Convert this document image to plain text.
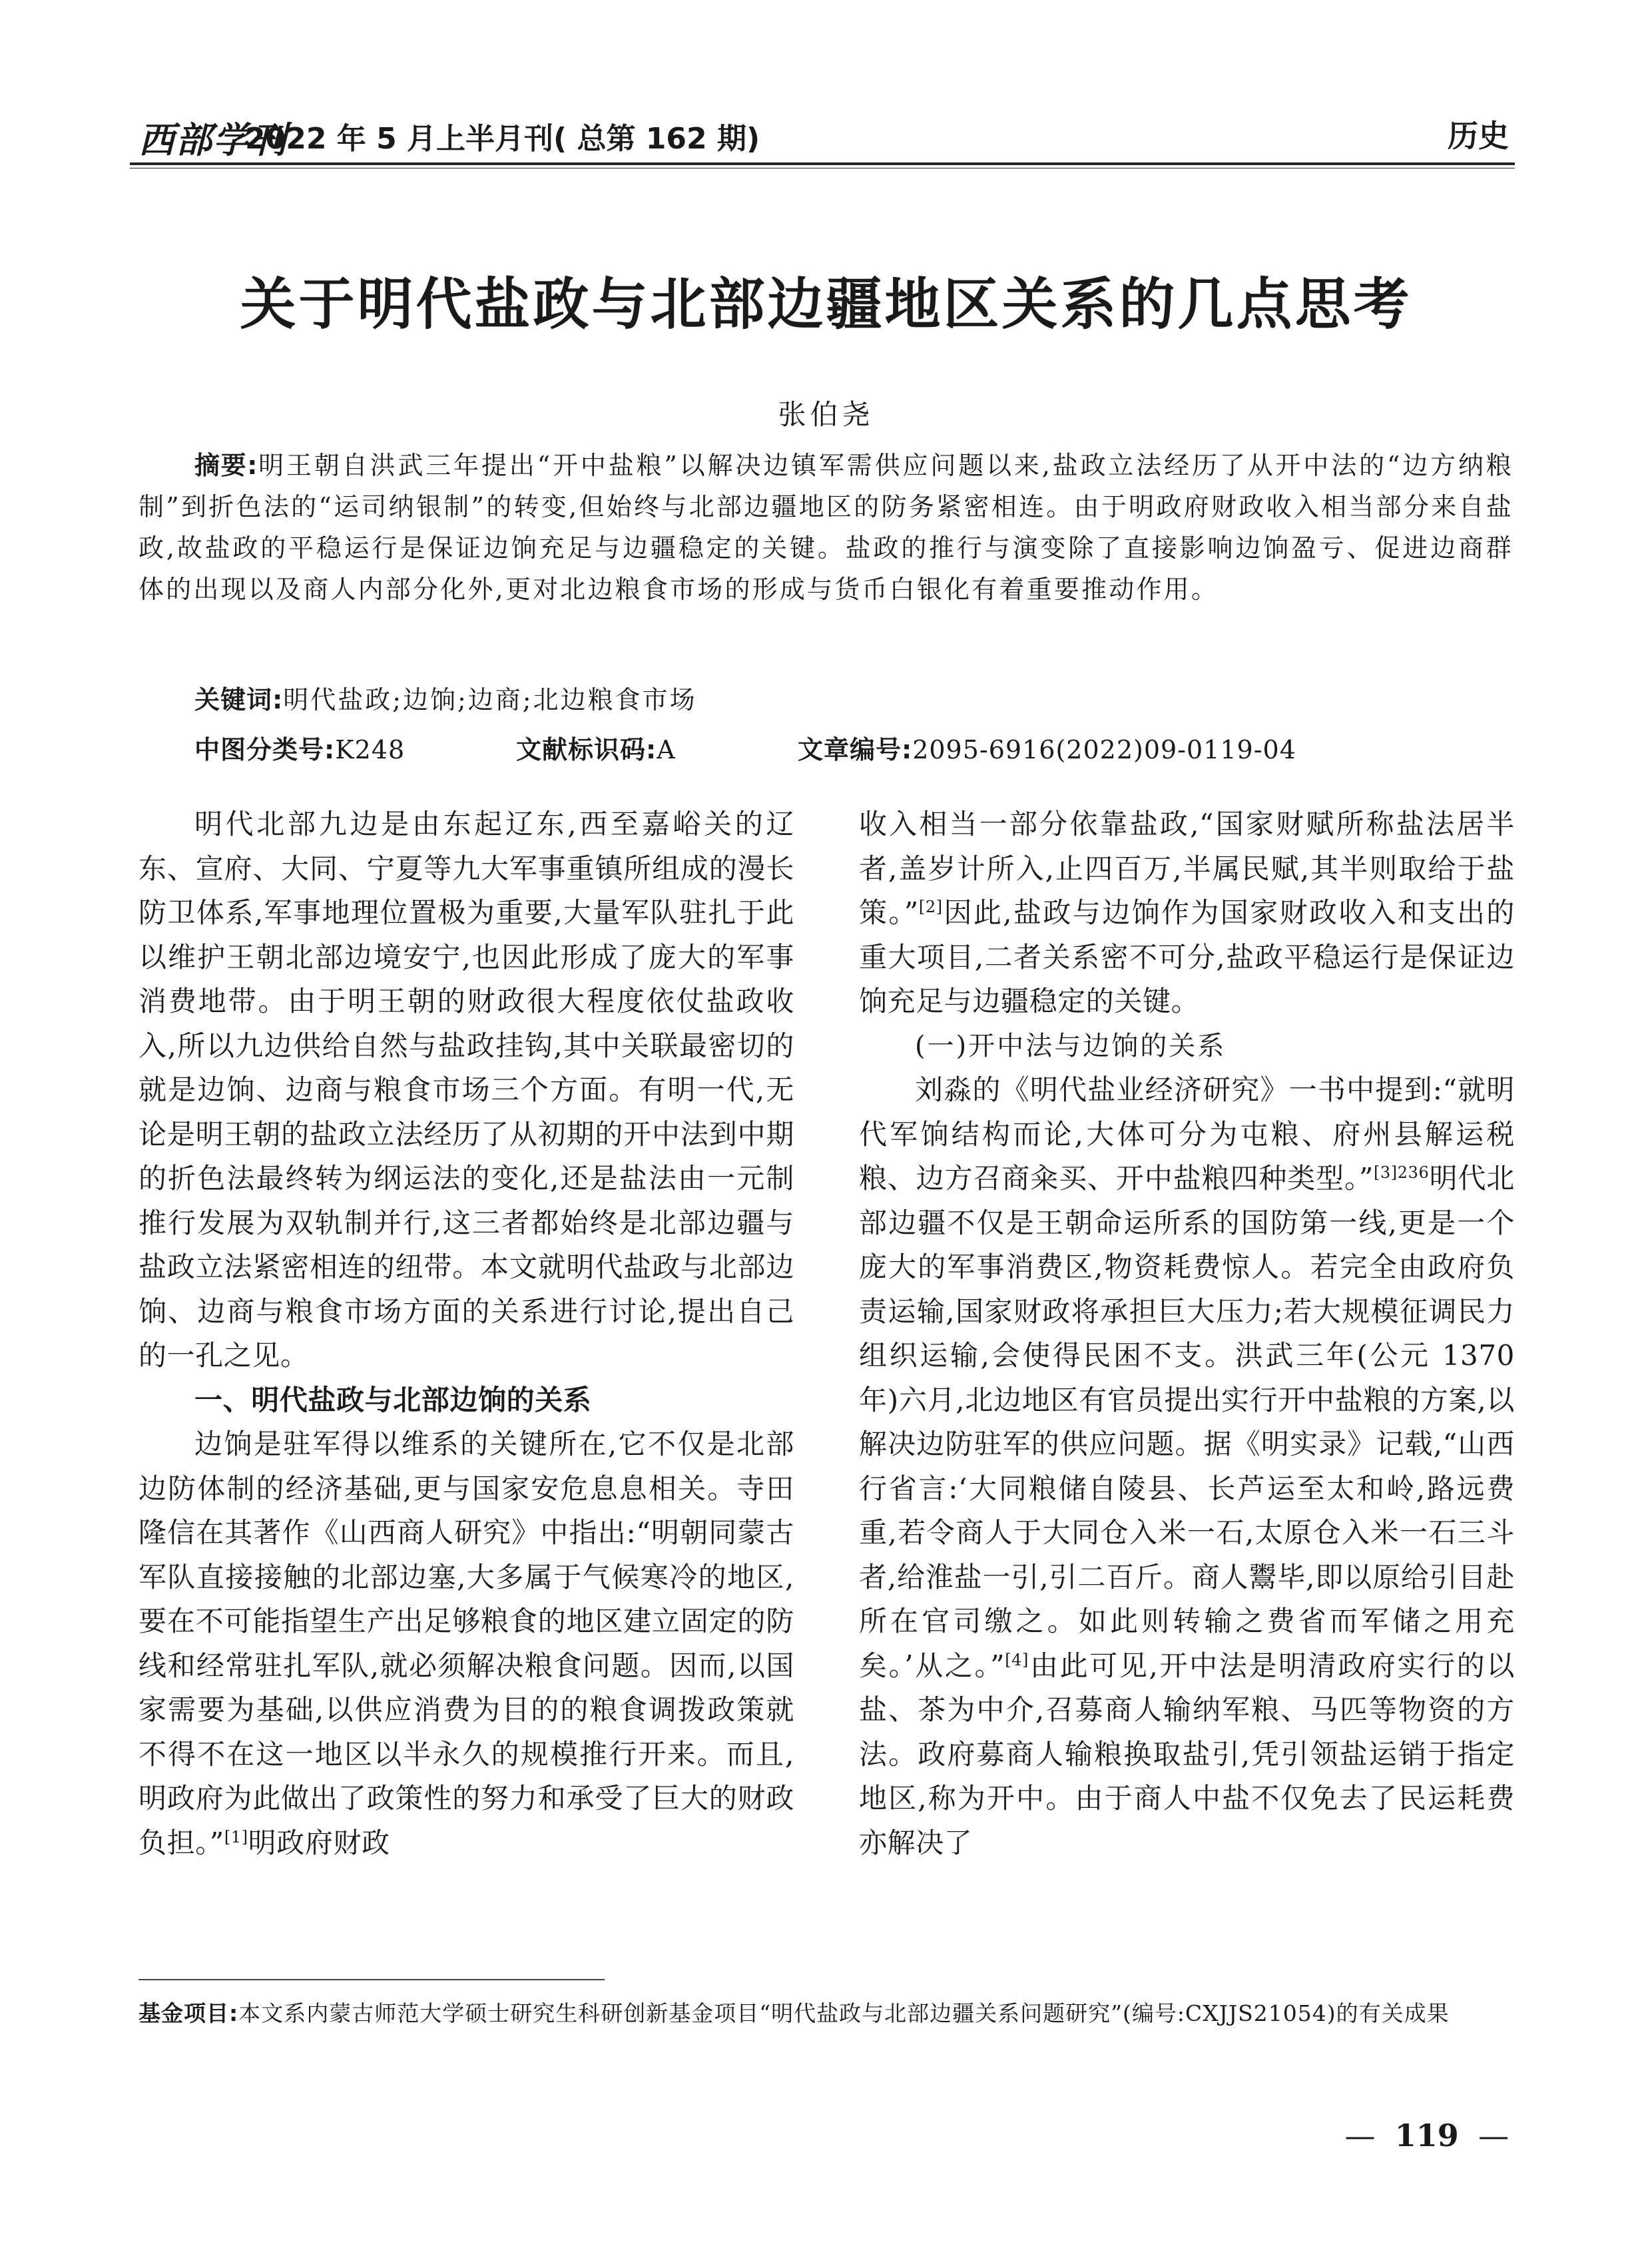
西部学刊
2022 年 5 月上半月刊( 总第 162 期)	历史
关于明代盐政与北部边疆地区关系的几点思考
张伯尧
摘要:明王朝自洪武三年提出“开中盐粮”以解决边镇军需供应问题以来,盐政立法经历了从开中法的“边方纳粮制”到折色法的“运司纳银制”的转变,但始终与北部边疆地区的防务紧密相连。由于明政府财政收入相当部分来自盐政,故盐政的平稳运行是保证边饷充足与边疆稳定的关键。盐政的推行与演变除了直接影响边饷盈亏、促进边商群体的出现以及商人内部分化外,更对北边粮食市场的形成与货币白银化有着重要推动作用。
关键词:明代盐政;边饷;边商;北边粮食市场
中图分类号:K248	文献标识码:A	文章编号:2095-6916(2022)09-0119-04

明代北部九边是由东起辽东,西至嘉峪关的辽东、宣府、大同、宁夏等九大军事重镇所组成的漫长防卫体系,军事地理位置极为重要,大量军队驻扎于此以维护王朝北部边境安宁,也因此形成了庞大的军事消费地带。由于明王朝的财政很大程度依仗盐政收入,所以九边供给自然与盐政挂钩,其中关联最密切的就是边饷、边商与粮食市场三个方面。有明一代,无论是明王朝的盐政立法经历了从初期的开中法到中期的折色法最终转为纲运法的变化,还是盐法由一元制推行发展为双轨制并行,这三者都始终是北部边疆与盐政立法紧密相连的纽带。本文就明代盐政与北部边饷、边商与粮食市场方面的关系进行讨论,提出自己的一孔之见。

一、明代盐政与北部边饷的关系

边饷是驻军得以维系的关键所在,它不仅是北部边防体制的经济基础,更与国家安危息息相关。寺田隆信在其著作《山西商人研究》中指出:“明朝同蒙古军队直接接触的北部边塞,大多属于气候寒冷的地区,要在不可能指望生产出足够粮食的地区建立固定的防线和经常驻扎军队,就必须解决粮食问题。因而,以国家需要为基础,以供应消费为目的的粮食调拨政策就不得不在这一地区以半永久的规模推行开来。而且,明政府为此做出了政策性的努力和承受了巨大的财政负担。”[1]明政府财政

收入相当一部分依靠盐政,“国家财赋所称盐法居半者,盖岁计所入,止四百万,半属民赋,其半则取给于盐策。”[2]因此,盐政与边饷作为国家财政收入和支出的重大项目,二者关系密不可分,盐政平稳运行是保证边饷充足与边疆稳定的关键。

(一)开中法与边饷的关系

刘淼的《明代盐业经济研究》一书中提到:“就明代军饷结构而论,大体可分为屯粮、府州县解运税粮、边方召商籴买、开中盐粮四种类型。”$^{[3]236}$明代北部边疆不仅是王朝命运所系的国防第一线,更是一个庞大的军事消费区,物资耗费惊人。若完全由政府负责运输,国家财政将承担巨大压力;若大规模征调民力组织运输,会使得民困不支。洪武三年(公元 1370 年)六月,北边地区有官员提出实行开中盐粮的方案,以解决边防驻军的供应问题。据《明实录》记载,“山西行省言:‘大同粮储自陵县、长芦运至太和岭,路远费重,若令商人于大同仓入米一石,太原仓入米一石三斗者,给淮盐一引,引二百斤。商人鬻毕,即以原给引目赴所在官司缴之。如此则转输之费省而军储之用充矣。’从之。”[4]由此可见,开中法是明清政府实行的以盐、茶为中介,召募商人输纳军粮、马匹等物资的方法。政府募商人输粮换取盐引,凭引领盐运销于指定地区,称为开中。由于商人中盐不仅免去了民运耗费亦解决了

基金项目:本文系内蒙古师范大学硕士研究生科研创新基金项目“明代盐政与北部边疆关系问题研究”(编号:CXJJS21054)的有关成果
—  119  —
